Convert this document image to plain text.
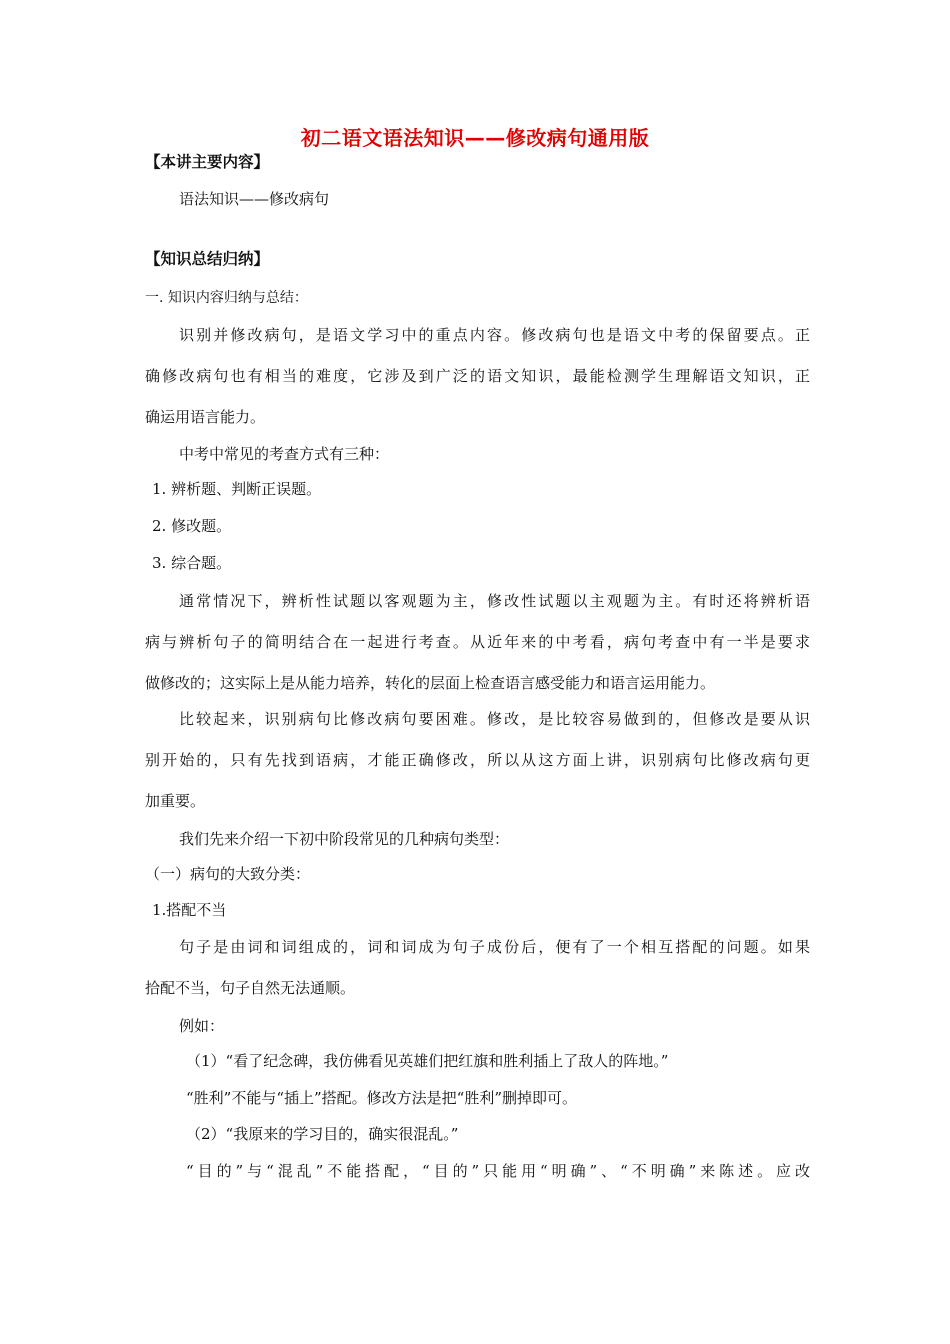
初二语文语法知识——修改病句通用版
【本讲主要内容】
语法知识——修改病句
【知识总结归纳】
一. 知识内容归纳与总结：
识别并修改病句，是语文学习中的重点内容。修改病句也是语文中考的保留要点。正
确修改病句也有相当的难度，它涉及到广泛的语文知识，最能检测学生理解语文知识，正
确运用语言能力。
中考中常见的考查方式有三种：
1. 辨析题、判断正误题。
2. 修改题。
3. 综合题。
通常情况下，辨析性试题以客观题为主，修改性试题以主观题为主。有时还将辨析语
病与辨析句子的简明结合在一起进行考查。从近年来的中考看，病句考查中有一半是要求
做修改的；这实际上是从能力培养，转化的层面上检查语言感受能力和语言运用能力。
比较起来，识别病句比修改病句要困难。修改，是比较容易做到的，但修改是要从识
别开始的，只有先找到语病，才能正确修改，所以从这方面上讲，识别病句比修改病句更
加重要。
我们先来介绍一下初中阶段常见的几种病句类型：
（一）病句的大致分类：
1.搭配不当
句子是由词和词组成的，词和词成为句子成份后，便有了一个相互搭配的问题。如果
拾配不当，句子自然无法通顺。
例如：
（1）“看了纪念碑，我仿佛看见英雄们把红旗和胜利插上了敌人的阵地。”
“胜利”不能与“插上”搭配。修改方法是把“胜利”删掉即可。
（2）“我原来的学习目的，确实很混乱。”
“目的”与“混乱”不能搭配，“目的”只能用“明确”、“不明确”来陈述。应改
